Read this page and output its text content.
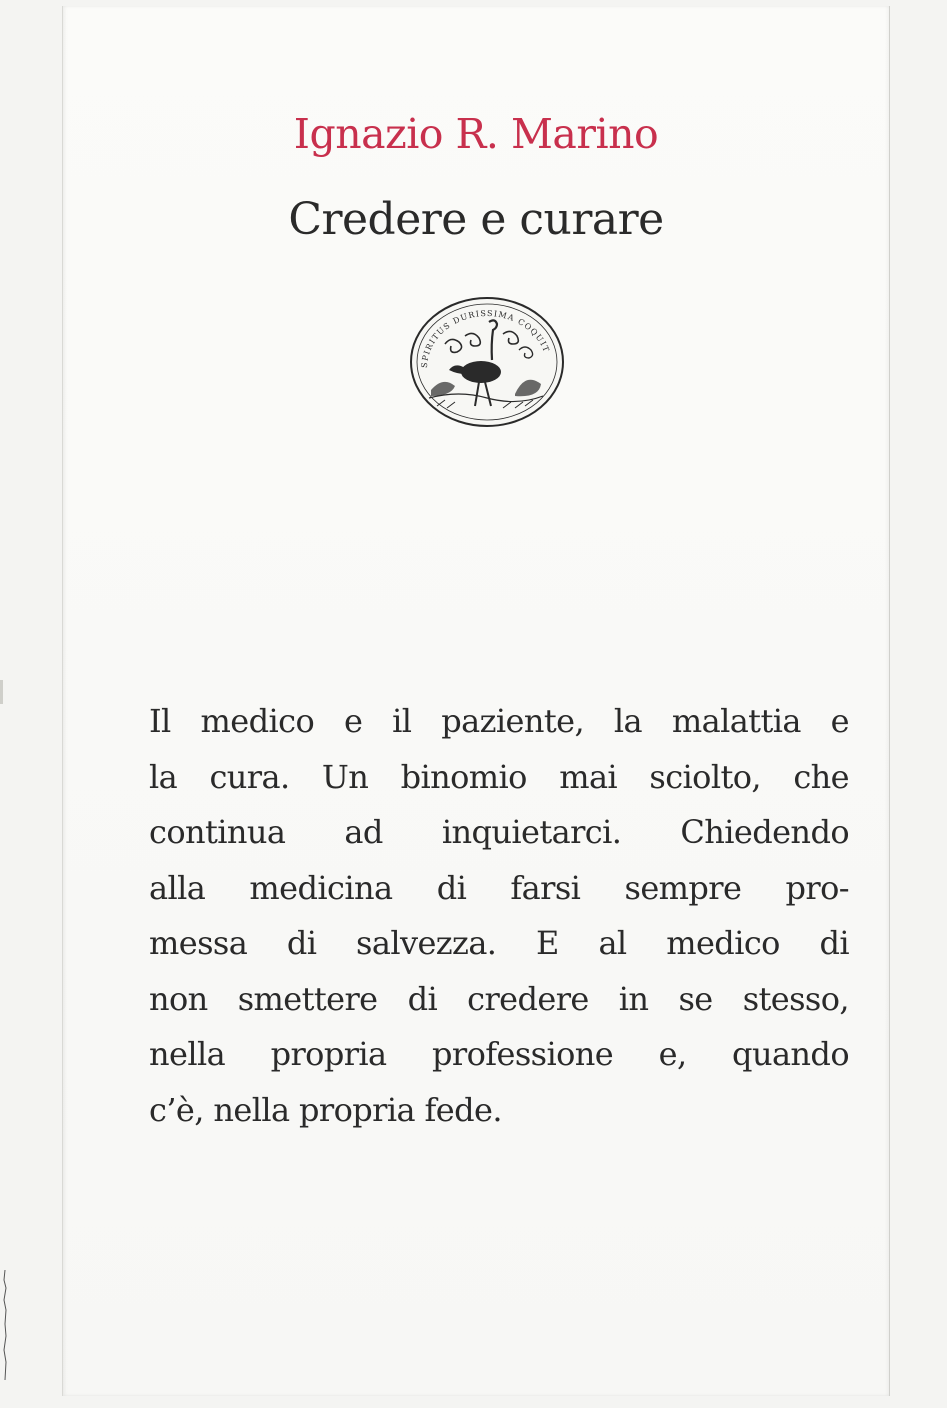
Ignazio R. Marino
Credere e curare
SPIRITUS DURISSIMA COQUIT
Il medico e il paziente, la malattia e
la cura. Un binomio mai sciolto, che
continua ad inquietarci. Chiedendo
alla medicina di farsi sempre pro-
messa di salvezza. E al medico di
non smettere di credere in se stesso,
nella propria professione e, quando
c’è, nella propria fede.
